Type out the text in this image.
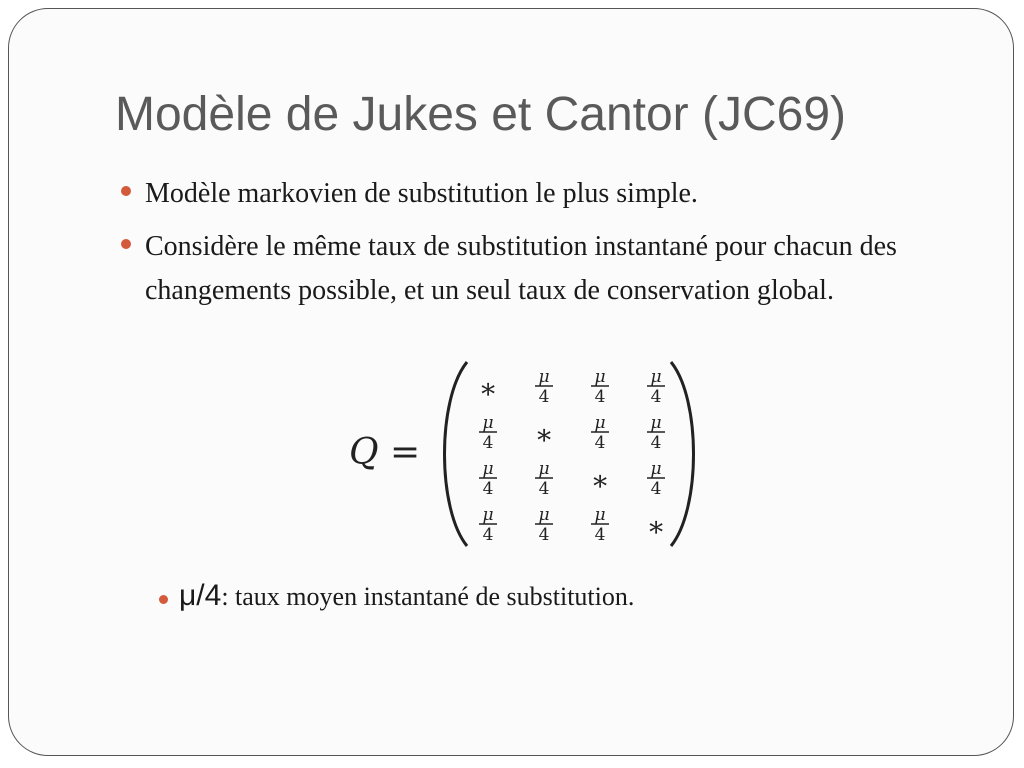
Modèle de Jukes et Cantor (JC69)
Modèle markovien de substitution le plus simple.
Considère le même taux de substitution instantané pour chacun des changements possible, et un seul taux de conservation global.
Q =
∗ μ
4
μ
4
μ
4
μ
4 ∗ μ
4
μ
4
μ
4
μ
4 ∗ μ
4
μ
4
μ
4
μ
4 ∗
μ/4: taux moyen instantané de substitution.
